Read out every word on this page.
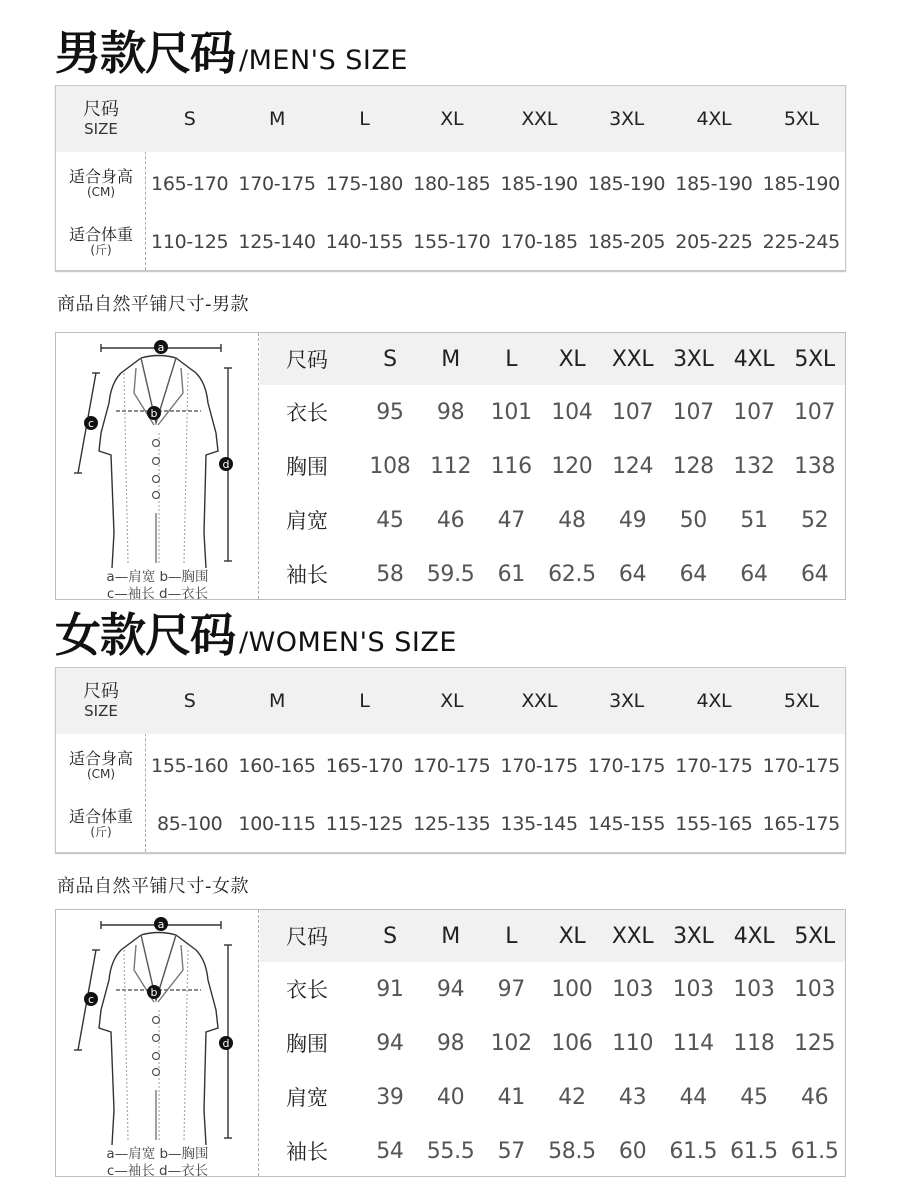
男款尺码 /MEN'S SIZE
尺码
SIZE	S	M	L	XL	XXL	3XL	4XL	5XL
适合身高
(CM)	165-170 170-175 175-180 180-185 185-190 185-190 185-190 185-190
适合体重
(斤)	110-125 125-140 140-155 155-170 170-185 185-205 205-225 225-245
商品自然平铺尺寸-男款
a
b
c
d
a—肩宽 b—胸围
c—袖长 d—衣长
尺码	S	M	L	XL	XXL 3XL 4XL 5XL
衣长	95	98	101 104 107 107 107 107
胸围	108 112 116 120 124 128 132 138
肩宽	45	46	47	48	49	50	51	52
袖长	58	59.5	61	62.5	64	64	64	64
女款尺码 /WOMEN'S SIZE
尺码
SIZE	S	M	L	XL	XXL	3XL	4XL	5XL
适合身高
(CM)	155-160 160-165 165-170 170-175 170-175 170-175 170-175 170-175
适合体重
(斤)	85-100 100-115 115-125 125-135 135-145 145-155 155-165 165-175
商品自然平铺尺寸-女款
a
b
c
d
a—肩宽 b—胸围
c—袖长 d—衣长
尺码	S	M	L	XL	XXL 3XL 4XL 5XL
衣长	91	94	97	100 103 103 103 103
胸围	94	98	102 106 110 114 118 125
肩宽	39	40	41	42	43	44	45	46
袖长	54	55.5	57	58.5	60	61.5 61.5 61.5
